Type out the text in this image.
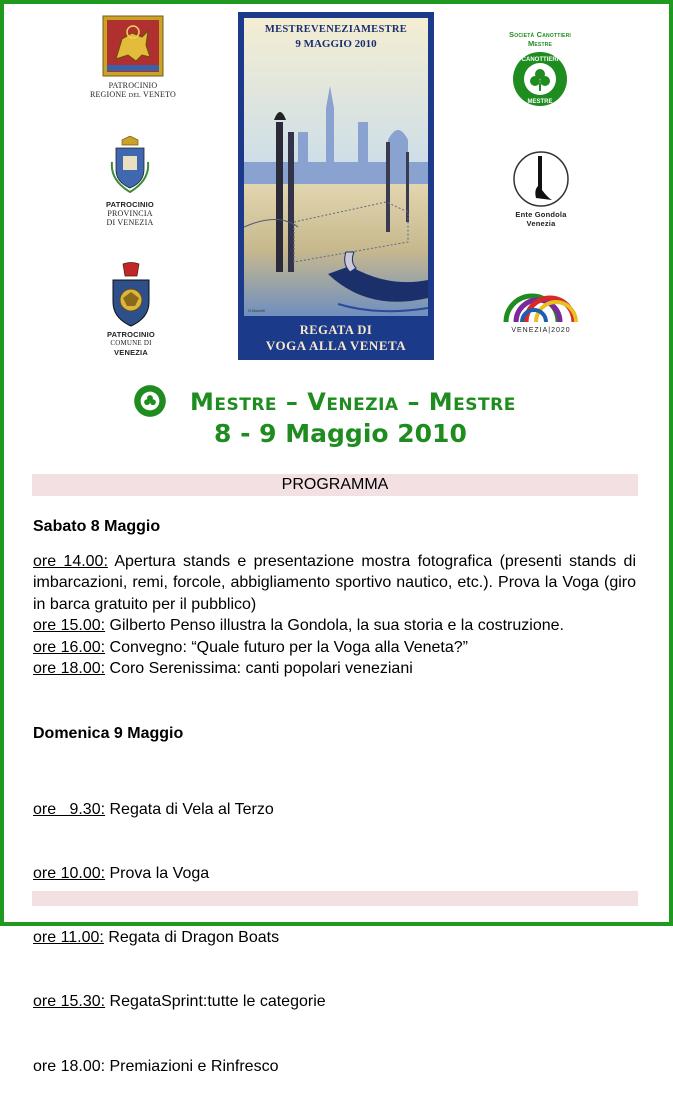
PATROCINIO
REGIONE DEL VENETO
PATROCINIO
PROVINCIA
DI VENEZIA
PATROCINIO
COMUNE DI
VENEZIA
MESTREVENEZIAMESTRE
9 MAGGIO 2010
G.Bonetti
REGATA DI
VOGA ALLA VENETA
Società Canottieri
Mestre
CANOTTIERI
MESTRE
Ente Gondola
Venezia
VENEZIA|2020
Mestre – Venezia – Mestre
8 - 9 Maggio 2010
PROGRAMMA
Sabato 8 Maggio

ore 14.00: Apertura stands e presentazione mostra fotografica (presenti stands di imbarcazioni, remi, forcole, abbigliamento sportivo nautico, etc.). Prova la Voga (giro in barca gratuito per il pubblico)

ore 15.00: Gilberto Penso illustra la Gondola, la sua storia e la costruzione.

ore 16.00: Convegno: “Quale futuro per la Voga alla Veneta?”

ore 18.00: Coro Serenissima: canti popolari veneziani

Domenica 9 Maggio

ore   9.30: Regata di Vela al Terzo

ore 10.00: Prova la Voga

ore 11.00: Regata di Dragon Boats

ore 15.30: RegataSprint:tutte le categorie

ore 18.00: Premiazioni e Rinfresco
